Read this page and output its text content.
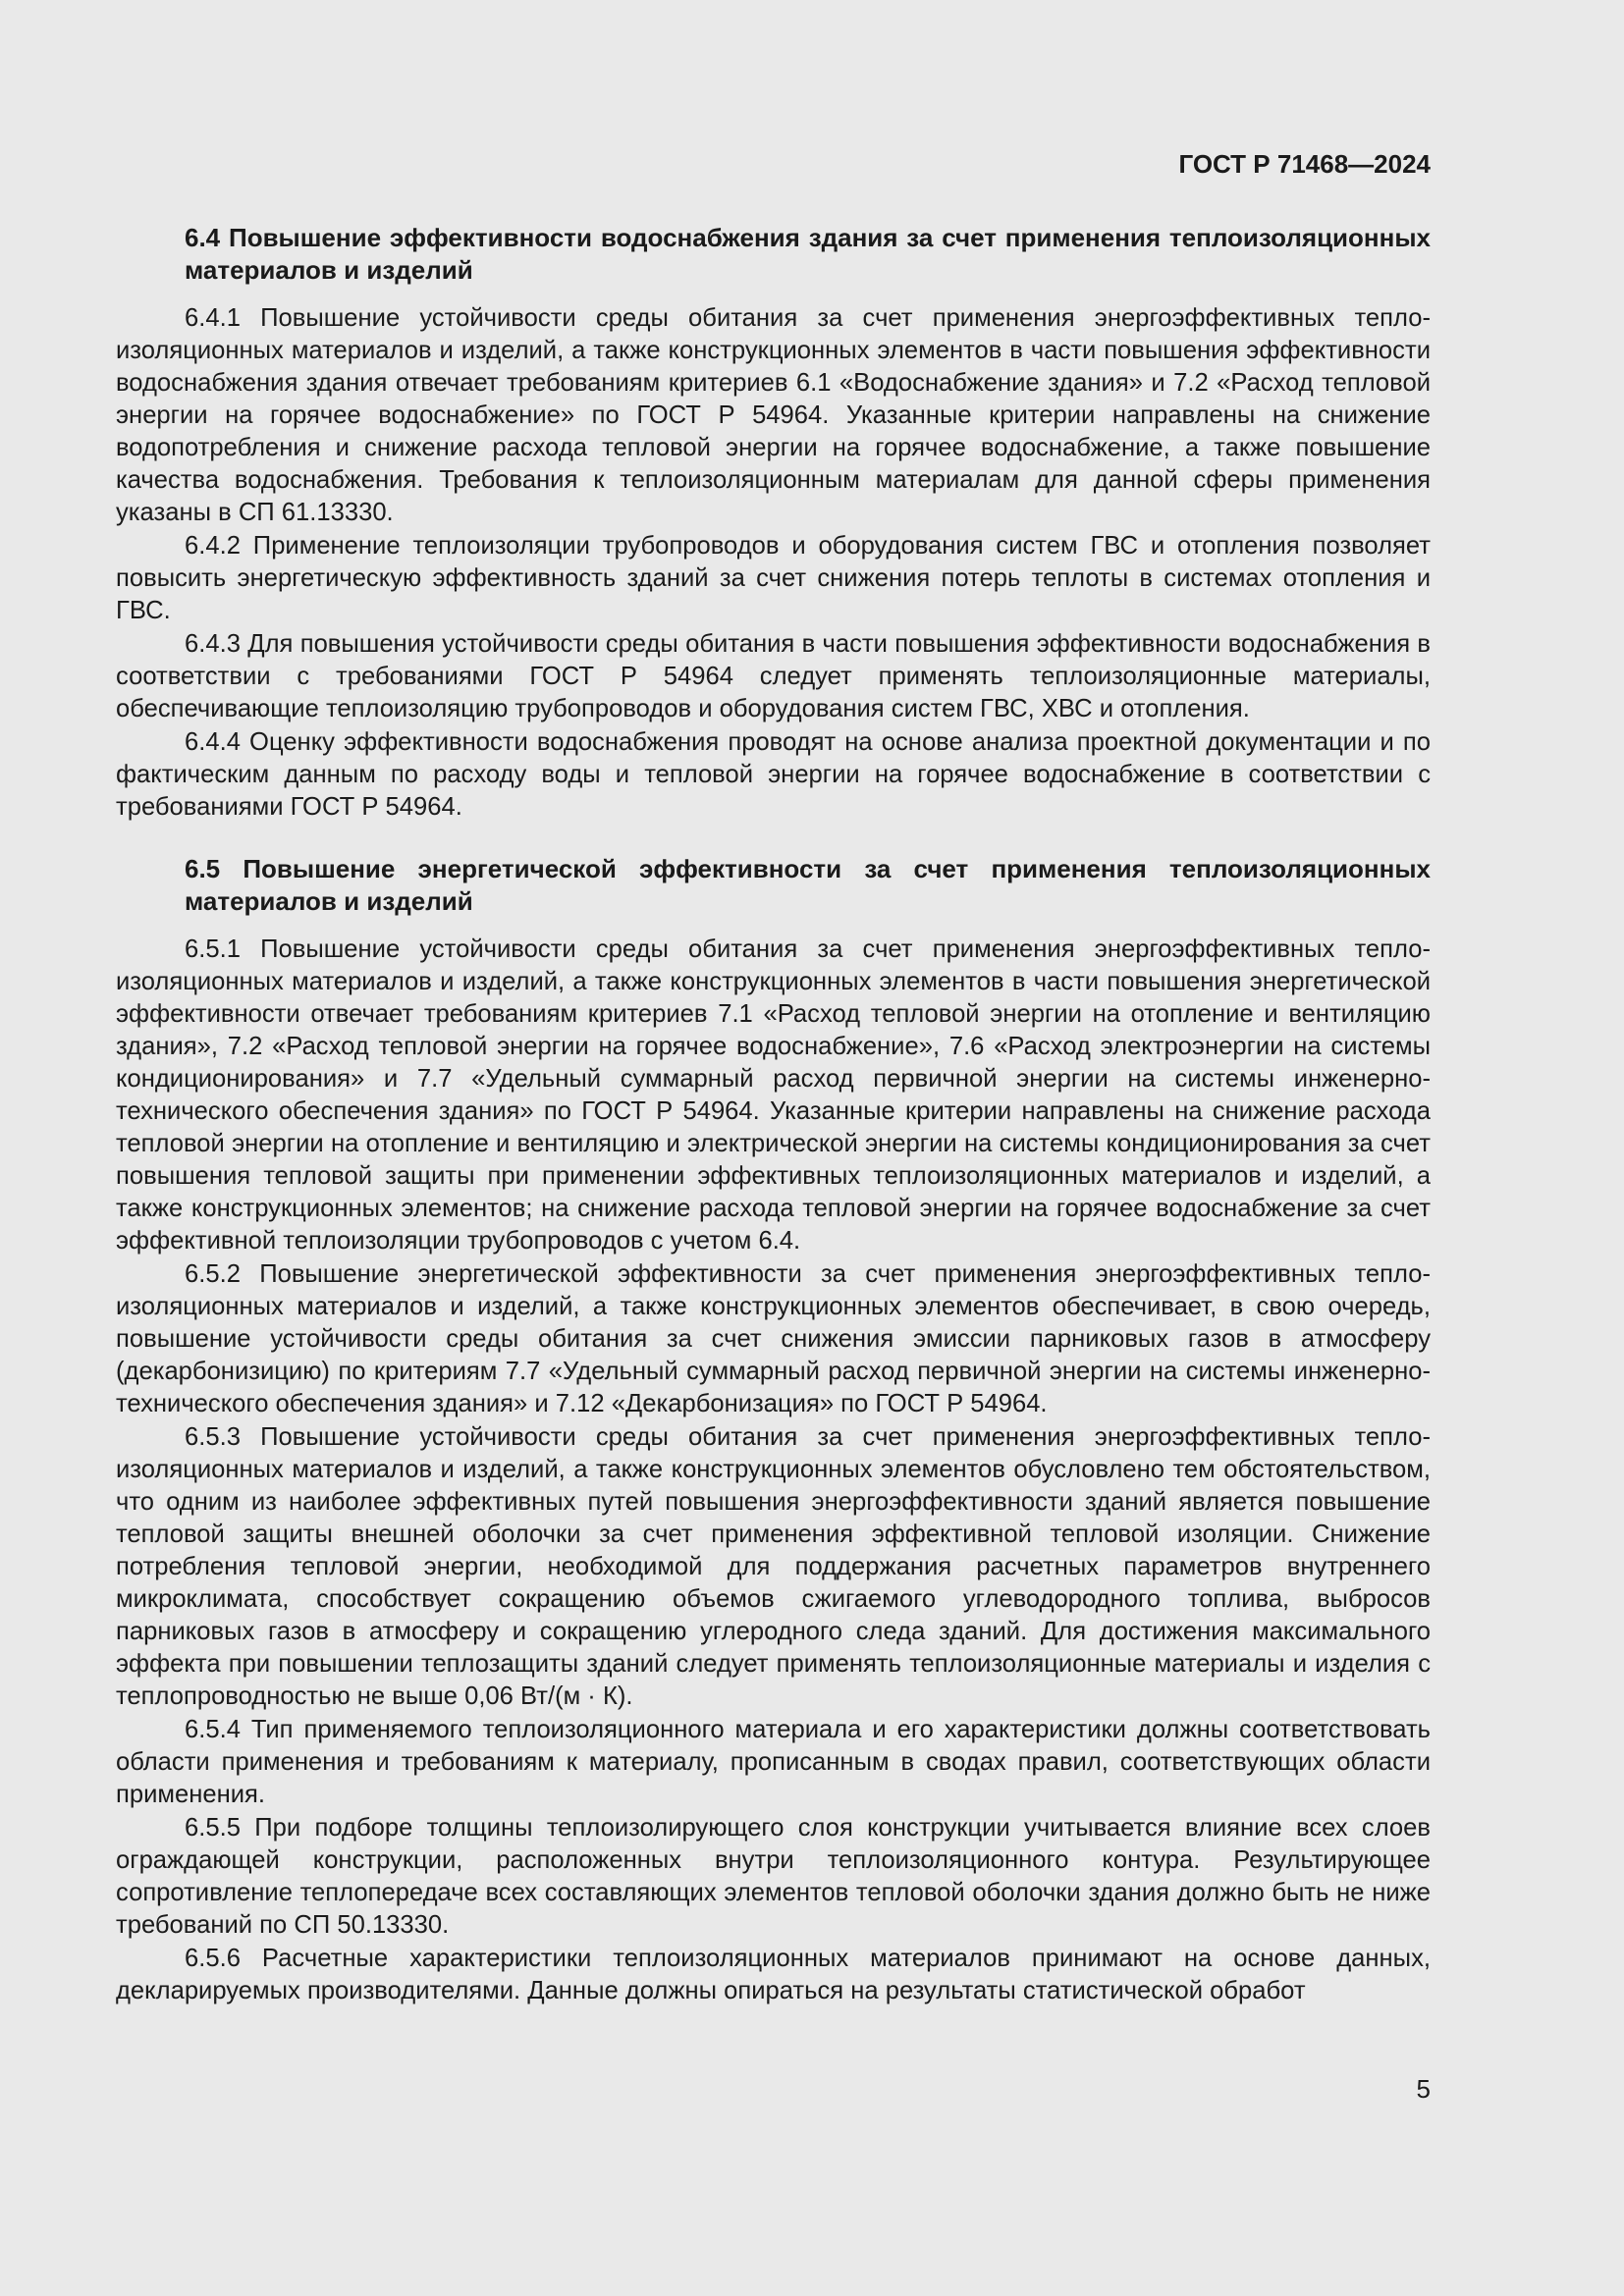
ГОСТ Р 71468—2024
6.4 Повышение эффективности водоснабжения здания за счет применения теплоизоляционных материалов и изделий

6.4.1 Повышение устойчивости среды обитания за счет применения энергоэффективных теплоизоляционных материалов и изделий, а также конструкционных элементов в части повышения эффективности водоснабжения здания отвечает требованиям критериев 6.1 «Водоснабжение здания» и 7.2 «Расход тепловой энергии на горячее водоснабжение» по ГОСТ Р 54964. Указанные критерии направлены на снижение водопотребления и снижение расхода тепловой энергии на горячее водоснабжение, а также повышение качества водоснабжения. Требования к теплоизоляционным материалам для данной сферы применения указаны в СП 61.13330.

6.4.2 Применение теплоизоляции трубопроводов и оборудования систем ГВС и отопления позволяет повысить энергетическую эффективность зданий за счет снижения потерь теплоты в системах отопления и ГВС.

6.4.3 Для повышения устойчивости среды обитания в части повышения эффективности водоснабжения в соответствии с требованиями ГОСТ Р 54964 следует применять теплоизоляционные материалы, обеспечивающие теплоизоляцию трубопроводов и оборудования систем ГВС, ХВС и отопления.

6.4.4 Оценку эффективности водоснабжения проводят на основе анализа проектной документации и по фактическим данным по расходу воды и тепловой энергии на горячее водоснабжение в соответствии с требованиями ГОСТ Р 54964.

6.5 Повышение энергетической эффективности за счет применения теплоизоляционных материалов и изделий

6.5.1 Повышение устойчивости среды обитания за счет применения энергоэффективных теплоизоляционных материалов и изделий, а также конструкционных элементов в части повышения энергетической эффективности отвечает требованиям критериев 7.1 «Расход тепловой энергии на отопление и вентиляцию здания», 7.2 «Расход тепловой энергии на горячее водоснабжение», 7.6 «Расход электроэнергии на системы кондиционирования» и 7.7 «Удельный суммарный расход первичной энергии на системы инженерно-технического обеспечения здания» по ГОСТ Р 54964. Указанные критерии направлены на снижение расхода тепловой энергии на отопление и вентиляцию и электрической энергии на системы кондиционирования за счет повышения тепловой защиты при применении эффективных теплоизоляционных материалов и изделий, а также конструкционных элементов; на снижение расхода тепловой энергии на горячее водоснабжение за счет эффективной теплоизоляции трубопроводов с учетом 6.4.

6.5.2 Повышение энергетической эффективности за счет применения энергоэффективных теплоизоляционных материалов и изделий, а также конструкционных элементов обеспечивает, в свою очередь, повышение устойчивости среды обитания за счет снижения эмиссии парниковых газов в атмосферу (декарбонизицию) по критериям 7.7 «Удельный суммарный расход первичной энергии на системы инженерно-технического обеспечения здания» и 7.12 «Декарбонизация» по ГОСТ Р 54964.

6.5.3 Повышение устойчивости среды обитания за счет применения энергоэффективных теплоизоляционных материалов и изделий, а также конструкционных элементов обусловлено тем обстоятельством, что одним из наиболее эффективных путей повышения энергоэффективности зданий является повышение тепловой защиты внешней оболочки за счет применения эффективной тепловой изоляции. Снижение потребления тепловой энергии, необходимой для поддержания расчетных параметров внутреннего микроклимата, способствует сокращению объемов сжигаемого углеводородного топлива, выбросов парниковых газов в атмосферу и сокращению углеродного следа зданий. Для достижения максимального эффекта при повышении теплозащиты зданий следует применять теплоизоляционные материалы и изделия с теплопроводностью не выше 0,06 Вт/(м · К).

6.5.4 Тип применяемого теплоизоляционного материала и его характеристики должны соответствовать области применения и требованиям к материалу, прописанным в сводах правил, соответствующих области применения.

6.5.5 При подборе толщины теплоизолирующего слоя конструкции учитывается влияние всех слоев ограждающей конструкции, расположенных внутри теплоизоляционного контура. Результирующее сопротивление теплопередаче всех составляющих элементов тепловой оболочки здания должно быть не ниже требований по СП 50.13330.

6.5.6 Расчетные характеристики теплоизоляционных материалов принимают на основе данных, декларируемых производителями. Данные должны опираться на результаты статистической обработ

5
